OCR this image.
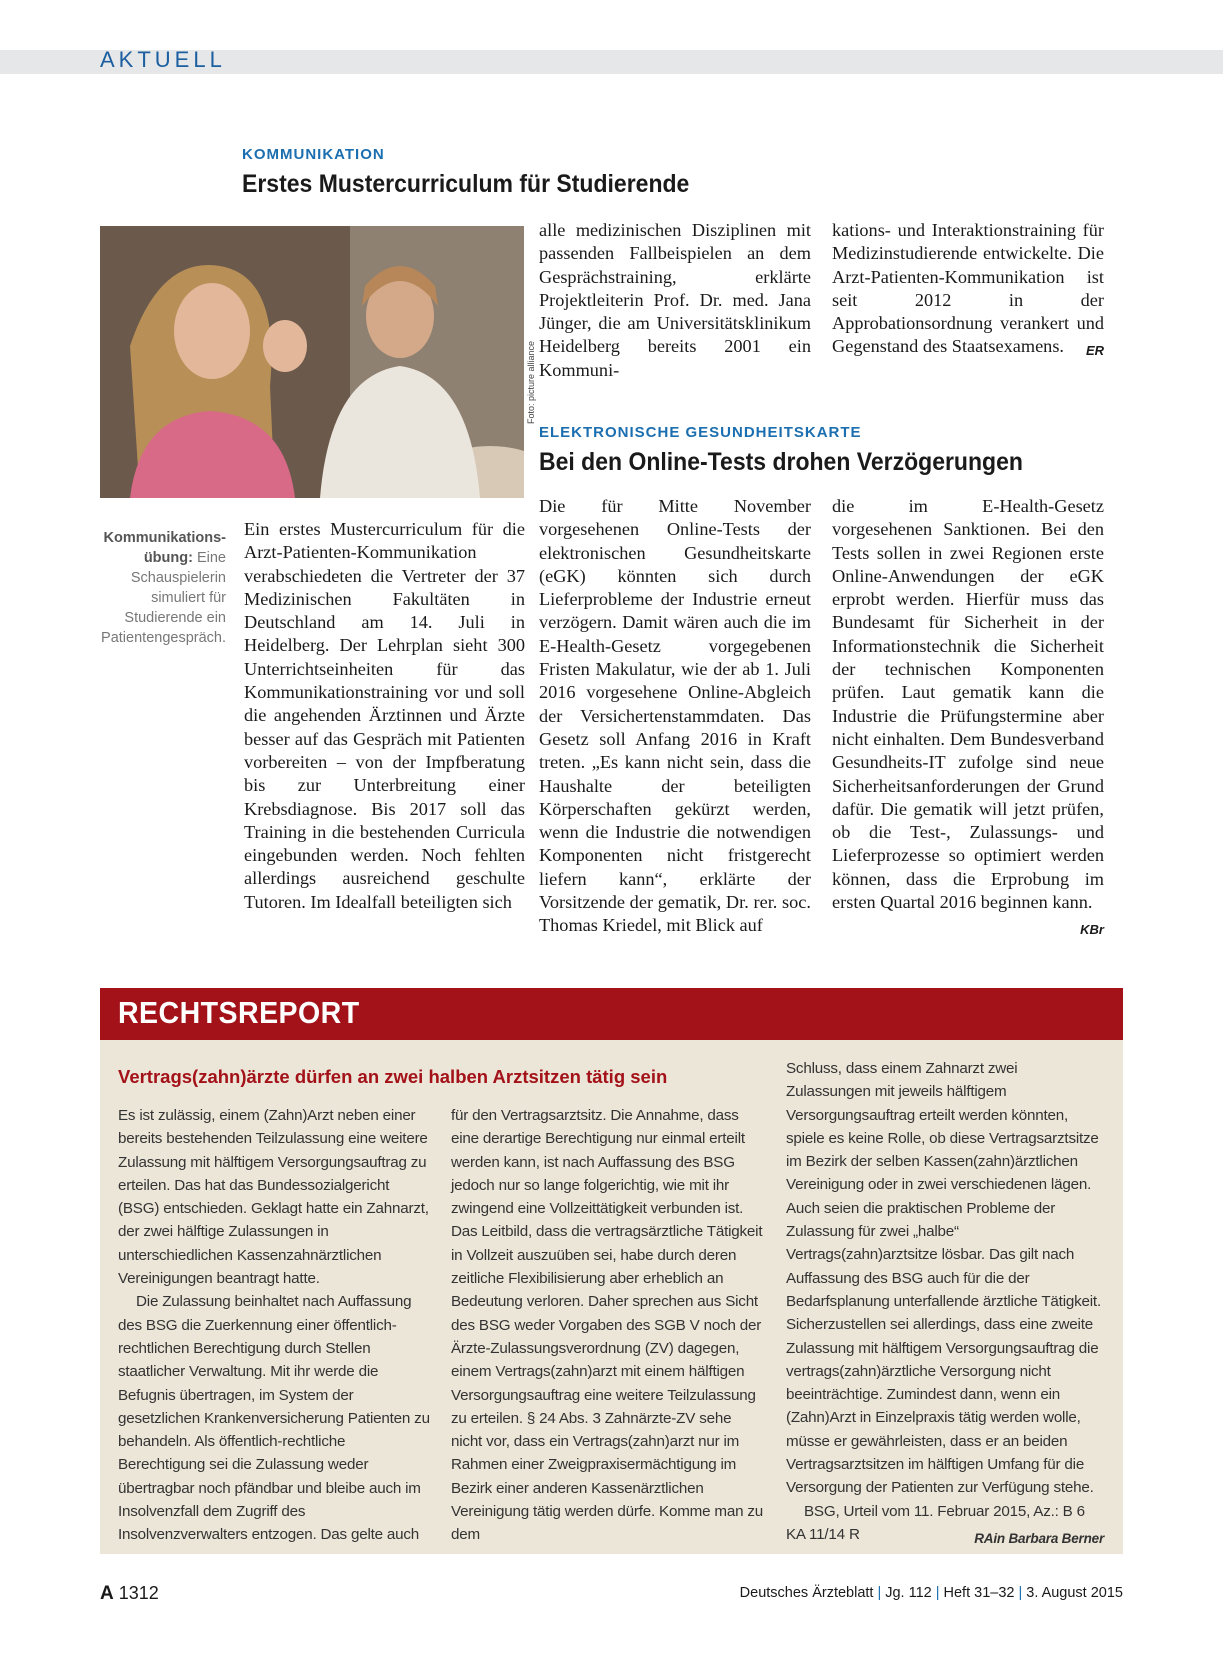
AKTUELL
KOMMUNIKATION
Erstes Mustercurriculum für Studierende
Foto: picture alliance
Kommunikationsübung: Eine Schauspielerin simuliert für Studierende ein Patientengespräch.
Ein erstes Mustercurriculum für die Arzt-Patienten-Kommunikation verabschiedeten die Vertreter der 37 Medizinischen Fakultäten in Deutschland am 14. Juli in Heidelberg. Der Lehrplan sieht 300 Unterrichtseinheiten für das Kommunikationstraining vor und soll die angehenden Ärztinnen und Ärzte besser auf das Gespräch mit Patienten vorbereiten – von der Impfberatung bis zur Unterbreitung einer Krebsdiagnose. Bis 2017 soll das Training in die bestehenden Curricula eingebunden werden. Noch fehlten allerdings ausreichend geschulte Tutoren. Im Idealfall beteiligten sich
alle medizinischen Disziplinen mit passenden Fallbeispielen an dem Gesprächstraining, erklärte Projektleiterin Prof. Dr. med. Jana Jünger, die am Universitätsklinikum Heidelberg bereits 2001 ein Kommuni-
kations- und Interaktionstraining für Medizinstudierende entwickelte. Die Arzt-Patienten-Kommunikation ist seit 2012 in der Approbationsordnung verankert und Gegenstand des Staatsexamens. ER
ELEKTRONISCHE GESUNDHEITSKARTE
Bei den Online-Tests drohen Verzögerungen
Die für Mitte November vorgesehenen Online-Tests der elektronischen Gesundheitskarte (eGK) könnten sich durch Lieferprobleme der Industrie erneut verzögern. Damit wären auch die im E-Health-Gesetz vorgegebenen Fristen Makulatur, wie der ab 1. Juli 2016 vorgesehene Online-Abgleich der Versichertenstammdaten. Das Gesetz soll Anfang 2016 in Kraft treten. „Es kann nicht sein, dass die Haushalte der beteiligten Körperschaften gekürzt werden, wenn die Industrie die notwendigen Komponenten nicht fristgerecht liefern kann“, erklärte der Vorsitzende der gematik, Dr. rer. soc. Thomas Kriedel, mit Blick auf
die im E-Health-Gesetz vorgesehenen Sanktionen. Bei den Tests sollen in zwei Regionen erste Online-Anwendungen der eGK erprobt werden. Hierfür muss das Bundesamt für Sicherheit in der Informationstechnik die Sicherheit der technischen Komponenten prüfen. Laut gematik kann die Industrie die Prüfungstermine aber nicht einhalten. Dem Bundesverband Gesundheits-IT zufolge sind neue Sicherheitsanforderungen der Grund dafür. Die gematik will jetzt prüfen, ob die Test-, Zulassungs- und Lieferprozesse so optimiert werden können, dass die Erprobung im ersten Quartal 2016 beginnen kann.
KBr
RECHTSREPORT
Vertrags(zahn)ärzte dürfen an zwei halben Arztsitzen tätig sein

Es ist zulässig, einem (Zahn)Arzt neben einer bereits bestehenden Teilzulassung eine weitere Zulassung mit hälftigem Versorgungsauftrag zu erteilen. Das hat das Bundessozialgericht (BSG) entschieden. Geklagt hatte ein Zahnarzt, der zwei hälftige Zulassungen in unterschiedlichen Kassenzahnärztlichen Vereinigungen beantragt hatte.

Die Zulassung beinhaltet nach Auffassung des BSG die Zuerkennung einer öffentlich-rechtlichen Berechtigung durch Stellen staatlicher Verwaltung. Mit ihr werde die Befugnis übertragen, im System der gesetzlichen Krankenversicherung Patienten zu behandeln. Als öffentlich-rechtliche Berechtigung sei die Zulassung weder übertragbar noch pfändbar und bleibe auch im Insolvenzfall dem Zugriff des Insolvenzverwalters entzogen. Das gelte auch

für den Vertragsarztsitz. Die Annahme, dass eine derartige Berechtigung nur einmal erteilt werden kann, ist nach Auffassung des BSG jedoch nur so lange folgerichtig, wie mit ihr zwingend eine Vollzeittätigkeit verbunden ist. Das Leitbild, dass die vertragsärztliche Tätigkeit in Vollzeit auszuüben sei, habe durch deren zeitliche Flexibilisierung aber erheblich an Bedeutung verloren. Daher sprechen aus Sicht des BSG weder Vorgaben des SGB V noch der Ärzte-Zulassungsverordnung (ZV) dagegen, einem Vertrags(zahn)arzt mit einem hälftigen Versorgungsauftrag eine weitere Teilzulassung zu erteilen. § 24 Abs. 3 Zahnärzte-ZV sehe nicht vor, dass ein Vertrags(zahn)arzt nur im Rahmen einer Zweigpraxisermächtigung im Bezirk einer anderen Kassenärztlichen Vereinigung tätig werden dürfe. Komme man zu dem

Schluss, dass einem Zahnarzt zwei Zulassungen mit jeweils hälftigem Versorgungsauftrag erteilt werden könnten, spiele es keine Rolle, ob diese Vertragsarztsitze im Bezirk der selben Kassen(zahn)ärztlichen Vereinigung oder in zwei verschiedenen lägen. Auch seien die praktischen Probleme der Zulassung für zwei „halbe“ Vertrags(zahn)arztsitze lösbar. Das gilt nach Auffassung des BSG auch für die der Bedarfsplanung unterfallende ärztliche Tätigkeit. Sicherzustellen sei allerdings, dass eine zweite Zulassung mit hälftigem Versorgungsauftrag die vertrags(zahn)ärztliche Versorgung nicht beeinträchtige. Zumindest dann, wenn ein (Zahn)Arzt in Einzelpraxis tätig werden wolle, müsse er gewährleisten, dass er an beiden Vertragsarztsitzen im hälftigen Umfang für die Versorgung der Patienten zur Verfügung stehe.

BSG, Urteil vom 11. Februar 2015, Az.: B 6 KA 11/14 R	RAin Barbara Berner

A 1312	Deutsches Ärzteblatt | Jg. 112 | Heft 31–32 | 3. August 2015
